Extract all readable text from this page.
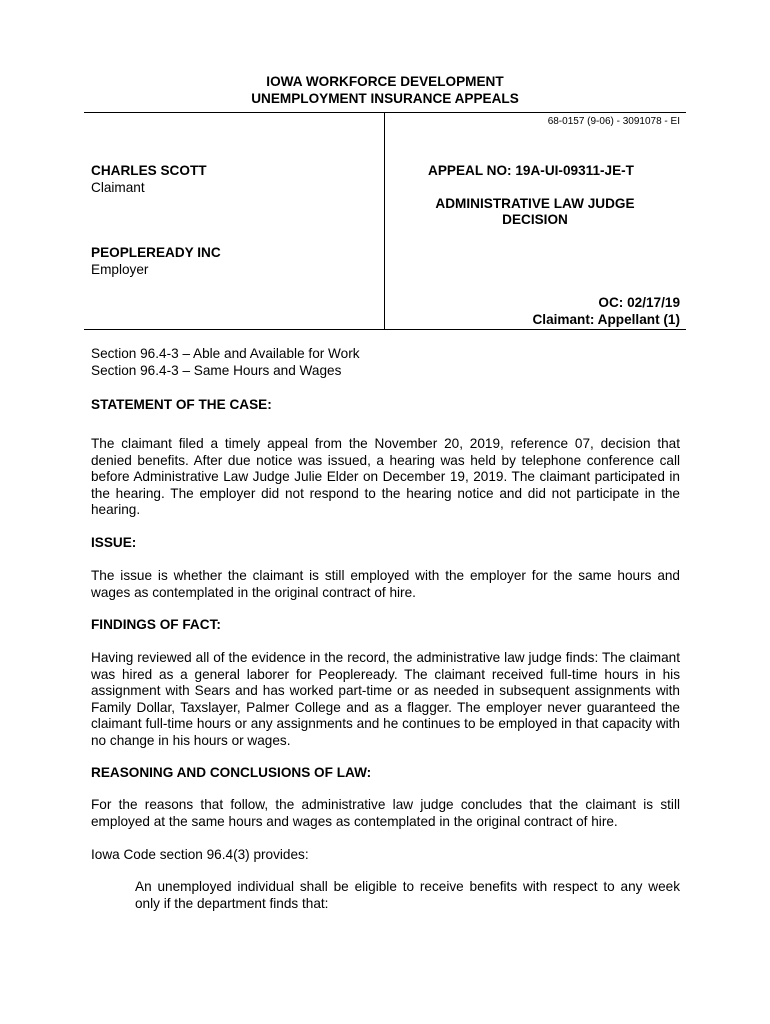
IOWA WORKFORCE DEVELOPMENT
UNEMPLOYMENT INSURANCE APPEALS
68-0157 (9-06) - 3091078 - EI
CHARLES SCOTT
Claimant
PEOPLEREADY INC
Employer
APPEAL NO: 19A-UI-09311-JE-T
ADMINISTRATIVE LAW JUDGE
DECISION
OC: 02/17/19
Claimant: Appellant (1)
Section 96.4-3 – Able and Available for Work
Section 96.4-3 – Same Hours and Wages
STATEMENT OF THE CASE:
The claimant filed a timely appeal from the November 20, 2019, reference 07, decision that denied benefits. After due notice was issued, a hearing was held by telephone conference call before Administrative Law Judge Julie Elder on December 19, 2019. The claimant participated in the hearing. The employer did not respond to the hearing notice and did not participate in the hearing.
ISSUE:
The issue is whether the claimant is still employed with the employer for the same hours and wages as contemplated in the original contract of hire.
FINDINGS OF FACT:
Having reviewed all of the evidence in the record, the administrative law judge finds: The claimant was hired as a general laborer for Peopleready. The claimant received full-time hours in his assignment with Sears and has worked part-time or as needed in subsequent assignments with Family Dollar, Taxslayer, Palmer College and as a flagger. The employer never guaranteed the claimant full-time hours or any assignments and he continues to be employed in that capacity with no change in his hours or wages.
REASONING AND CONCLUSIONS OF LAW:
For the reasons that follow, the administrative law judge concludes that the claimant is still employed at the same hours and wages as contemplated in the original contract of hire.
Iowa Code section 96.4(3) provides:
An unemployed individual shall be eligible to receive benefits with respect to any week only if the department finds that:
